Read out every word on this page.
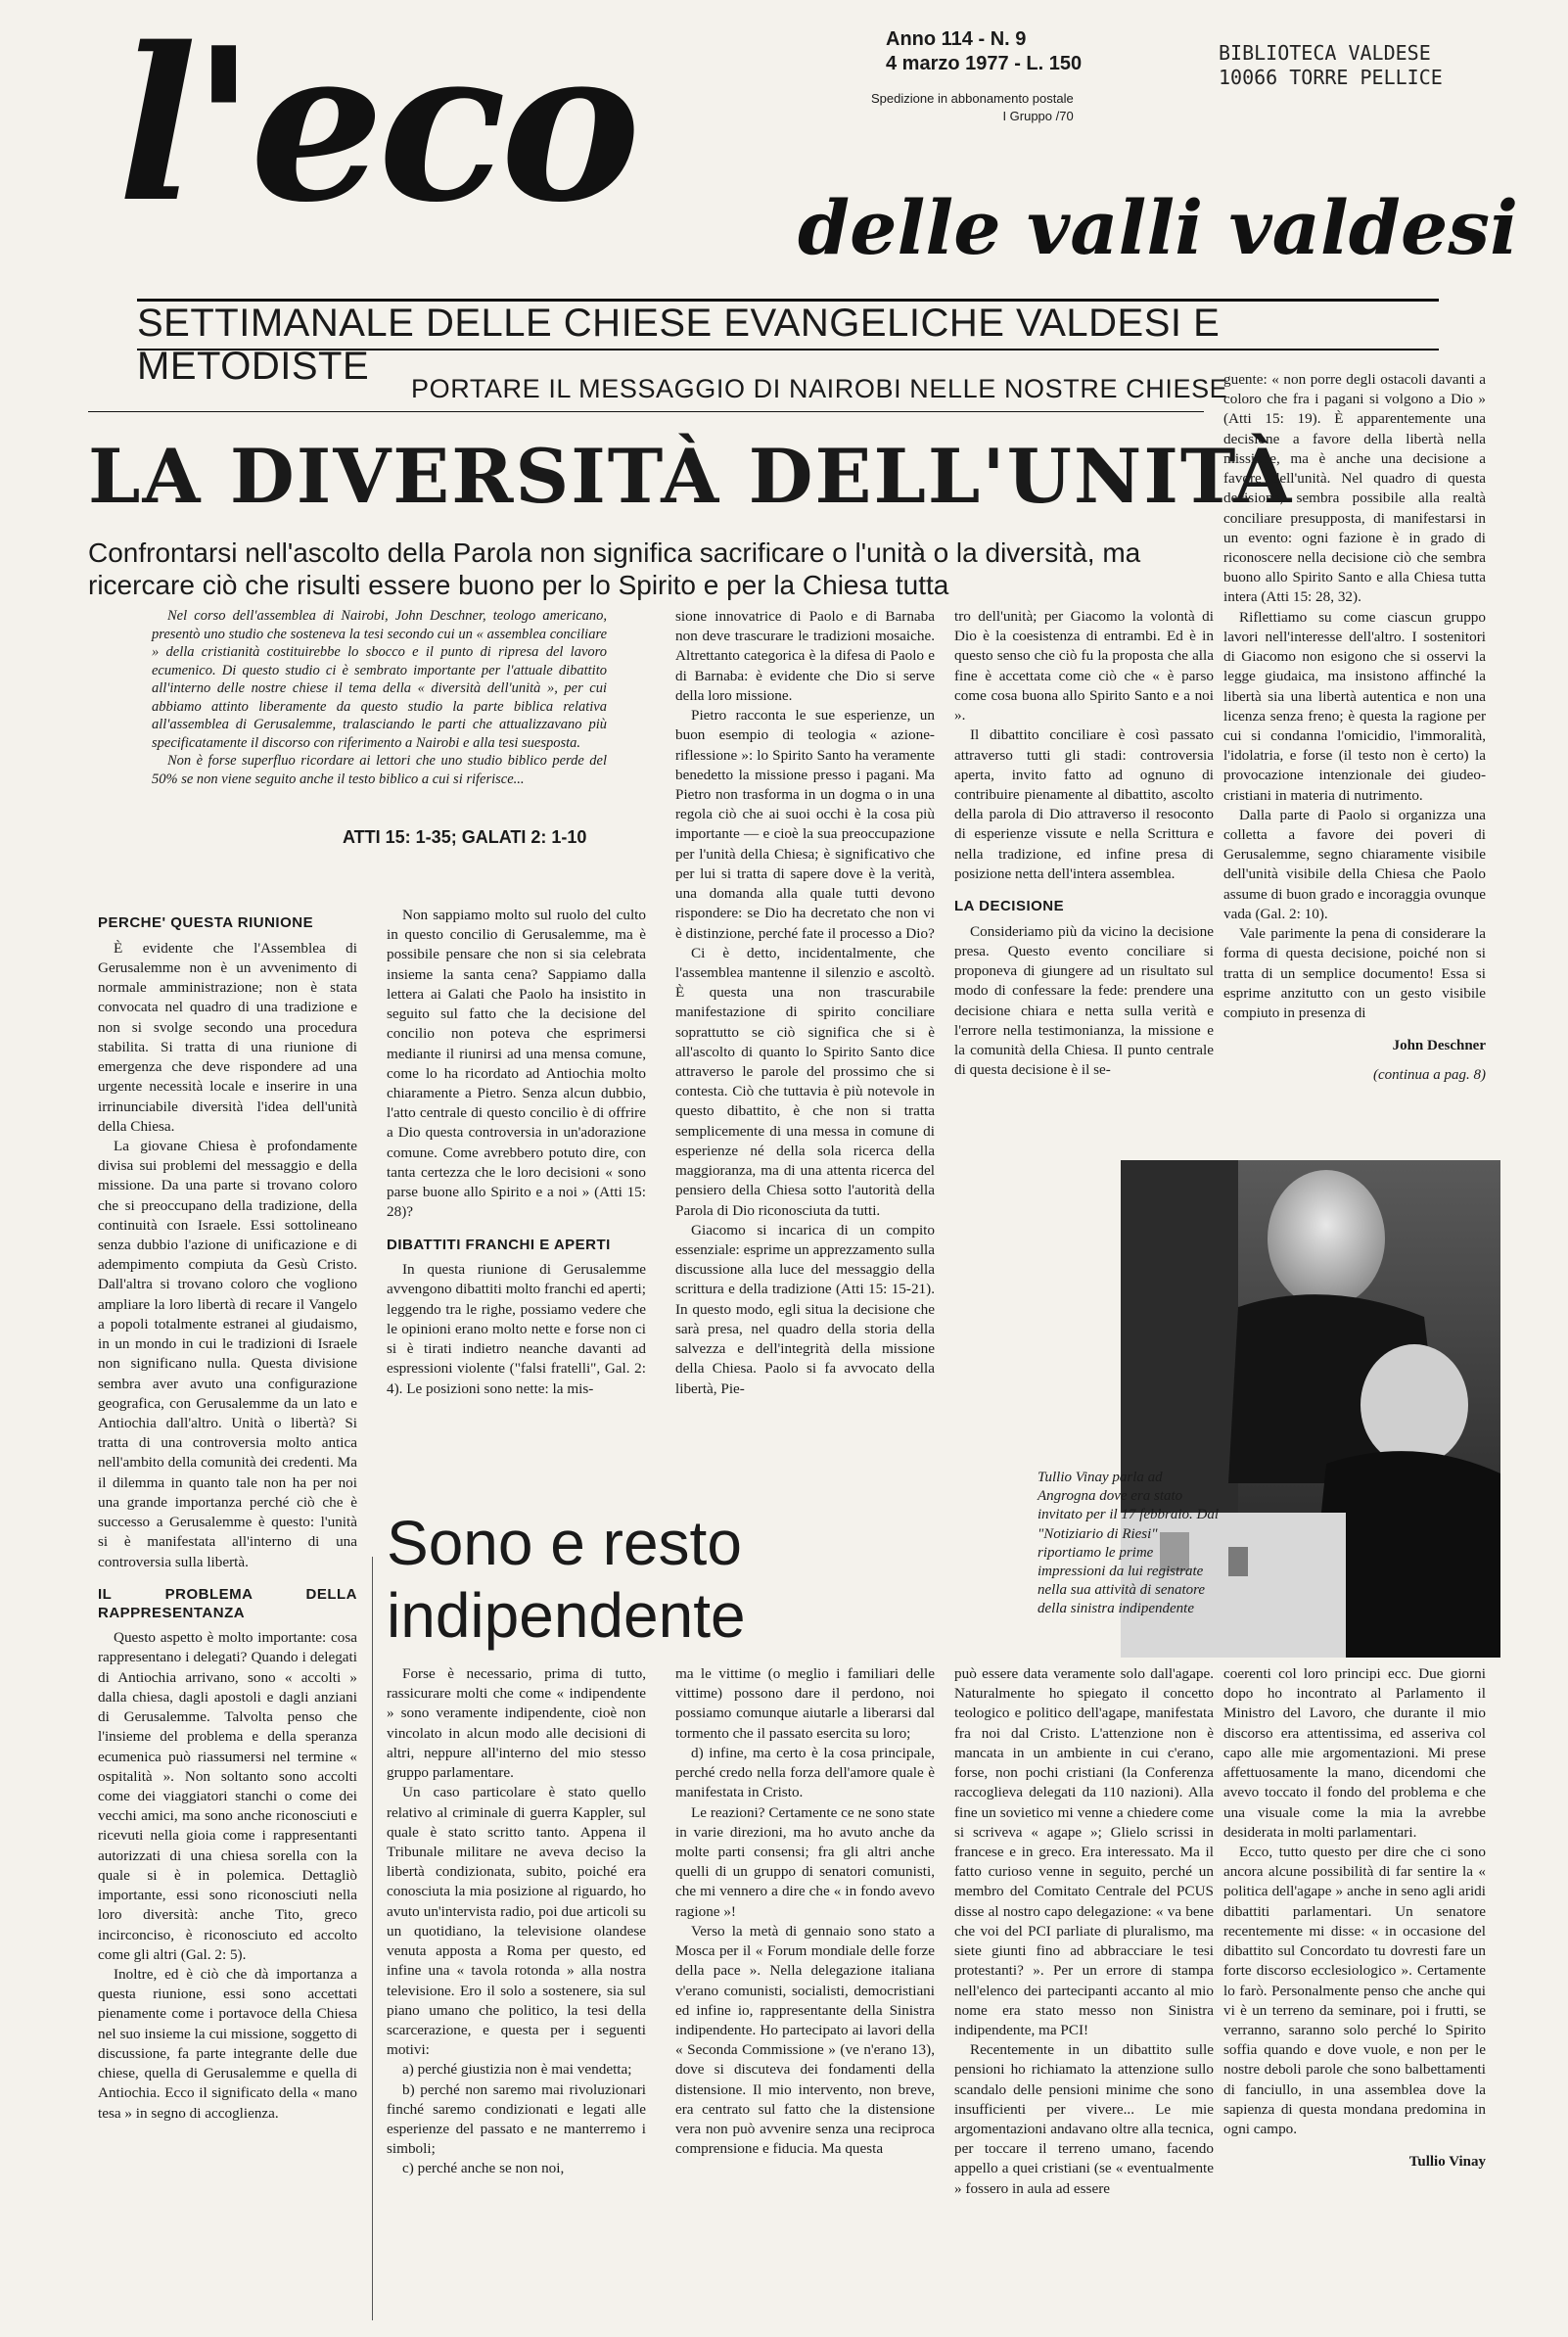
l'eco delle valli valdesi
Anno 114 - N. 9
4 marzo 1977 - L. 150
Spedizione in abbonamento postale
I Gruppo /70
BIBLIOTECA VALDESE
10066 TORRE PELLICE
SETTIMANALE DELLE CHIESE EVANGELICHE VALDESI E METODISTE
PORTARE IL MESSAGGIO DI NAIROBI NELLE NOSTRE CHIESE
LA DIVERSITÀ DELL'UNITÀ
Confrontarsi nell'ascolto della Parola non significa sacrificare o l'unità o la diversità, ma ricercare ciò che risulti essere buono per lo Spirito e per la Chiesa tutta
Nel corso dell'assemblea di Nairobi, John Deschner, teologo americano, presentò uno studio che sosteneva la tesi secondo cui un « assemblea conciliare » della cristianità costituirebbe lo sbocco e il punto di ripresa del lavoro ecumenico. Di questo studio ci è sembrato importante per l'attuale dibattito all'interno delle nostre chiese il tema della « diversità dell'unità », per cui abbiamo attinto liberamente da questo studio la parte biblica relativa all'assemblea di Gerusalemme, tralasciando le parti che attualizzavano più specificatamente il discorso con riferimento a Nairobi e alla tesi suesposta.
Non è forse superfluo ricordare ai lettori che uno studio biblico perde del 50% se non viene seguito anche il testo biblico a cui si riferisce...
ATTI 15: 1-35; GALATI 2: 1-10
PERCHE' QUESTA RIUNIONE

È evidente che l'Assemblea di Gerusalemme non è un avvenimento di normale amministrazione; non è stata convocata nel quadro di una tradizione e non si svolge secondo una procedura stabilita. Si tratta di una riunione di emergenza che deve rispondere ad una urgente necessità locale e inserire in una irrinunciabile diversità l'idea dell'unità della Chiesa.

La giovane Chiesa è profondamente divisa sui problemi del messaggio e della missione. Da una parte si trovano coloro che si preoccupano della tradizione, della continuità con Israele. Essi sottolineano senza dubbio l'azione di unificazione e di adempimento compiuta da Gesù Cristo. Dall'altra si trovano coloro che vogliono ampliare la loro libertà di recare il Vangelo a popoli totalmente estranei al giudaismo, in un mondo in cui le tradizioni di Israele non significano nulla. Questa divisione sembra aver avuto una configurazione geografica, con Gerusalemme da un lato e Antiochia dall'altro. Unità o libertà? Si tratta di una controversia molto antica nell'ambito della comunità dei credenti. Ma il dilemma in quanto tale non ha per noi una grande importanza perché ciò che è successo a Gerusalemme è questo: l'unità si è manifestata all'interno di una controversia sulla libertà.

IL PROBLEMA DELLA RAPPRESENTANZA

Questo aspetto è molto importante: cosa rappresentano i delegati? Quando i delegati di Antiochia arrivano, sono « accolti » dalla chiesa, dagli apostoli e dagli anziani di Gerusalemme. Talvolta penso che l'insieme del problema e della speranza ecumenica può riassumersi nel termine « ospitalità ». Non soltanto sono accolti come dei viaggiatori stanchi o come dei vecchi amici, ma sono anche riconosciuti e ricevuti nella gioia come i rappresentanti autorizzati di una chiesa sorella con la quale si è in polemica. Dettagliò importante, essi sono riconosciuti nella loro diversità: anche Tito, greco incirconciso, è riconosciuto ed accolto come gli altri (Gal. 2: 5).

Inoltre, ed è ciò che dà importanza a questa riunione, essi sono accettati pienamente come i portavoce della Chiesa nel suo insieme la cui missione, soggetto di discussione, fa parte integrante delle due chiese, quella di Gerusalemme e quella di Antiochia. Ecco il significato della « mano tesa » in segno di accoglienza.

Non sappiamo molto sul ruolo del culto in questo concilio di Gerusalemme, ma è possibile pensare che non si sia celebrata insieme la santa cena? Sappiamo dalla lettera ai Galati che Paolo ha insistito in seguito sul fatto che la decisione del concilio non poteva che esprimersi mediante il riunirsi ad una mensa comune, come lo ha ricordato ad Antiochia molto chiaramente a Pietro. Senza alcun dubbio, l'atto centrale di questo concilio è di offrire a Dio questa controversia in un'adorazione comune. Come avrebbero potuto dire, con tanta certezza che le loro decisioni « sono parse buone allo Spirito e a noi » (Atti 15: 28)?

DIBATTITI FRANCHI E APERTI

In questa riunione di Gerusalemme avvengono dibattiti molto franchi ed aperti; leggendo tra le righe, possiamo vedere che le opinioni erano molto nette e forse non ci si è tirati indietro neanche davanti ad espressioni violente ("falsi fratelli", Gal. 2: 4). Le posizioni sono nette: la mis-

sione innovatrice di Paolo e di Barnaba non deve trascurare le tradizioni mosaiche. Altrettanto categorica è la difesa di Paolo e di Barnaba: è evidente che Dio si serve della loro missione.

Pietro racconta le sue esperienze, un buon esempio di teologia « azione-riflessione »: lo Spirito Santo ha veramente benedetto la missione presso i pagani. Ma Pietro non trasforma in un dogma o in una regola ciò che ai suoi occhi è la cosa più importante — e cioè la sua preoccupazione per l'unità della Chiesa; è significativo che per lui si tratta di sapere dove è la verità, una domanda alla quale tutti devono rispondere: se Dio ha decretato che non vi è distinzione, perché fate il processo a Dio?

Ci è detto, incidentalmente, che l'assemblea mantenne il silenzio e ascoltò. È questa una non trascurabile manifestazione di spirito conciliare soprattutto se ciò significa che si è all'ascolto di quanto lo Spirito Santo dice attraverso le parole del prossimo che si contesta. Ciò che tuttavia è più notevole in questo dibattito, è che non si tratta semplicemente di una messa in comune di esperienze né della sola ricerca della maggioranza, ma di una attenta ricerca del pensiero della Chiesa sotto l'autorità della Parola di Dio riconosciuta da tutti.

Giacomo si incarica di un compito essenziale: esprime un apprezzamento sulla discussione alla luce del messaggio della scrittura e della tradizione (Atti 15: 15-21). In questo modo, egli situa la decisione che sarà presa, nel quadro della storia della salvezza e dell'integrità della missione della Chiesa. Paolo si fa avvocato della libertà, Pie-

tro dell'unità; per Giacomo la volontà di Dio è la coesistenza di entrambi. Ed è in questo senso che ciò fu la proposta che alla fine è accettata come ciò che « è parso come cosa buona allo Spirito Santo e a noi ».

Il dibattito conciliare è così passato attraverso tutti gli stadi: controversia aperta, invito fatto ad ognuno di contribuire pienamente al dibattito, ascolto della parola di Dio attraverso il resoconto di esperienze vissute e nella Scrittura e nella tradizione, ed infine presa di posizione netta dell'intera assemblea.

LA DECISIONE

Consideriamo più da vicino la decisione presa. Questo evento conciliare si proponeva di giungere ad un risultato sul modo di confessare la fede: prendere una decisione chiara e netta sulla verità e l'errore nella testimonianza, la missione e la comunità della Chiesa. Il punto centrale di questa decisione è il se-

guente: « non porre degli ostacoli davanti a coloro che fra i pagani si volgono a Dio » (Atti 15: 19). È apparentemente una decisione a favore della libertà nella missione, ma è anche una decisione a favore dell'unità. Nel quadro di questa decisione, sembra possibile alla realtà conciliare presupposta, di manifestarsi in un evento: ogni fazione è in grado di riconoscere nella decisione ciò che sembra buono allo Spirito Santo e alla Chiesa tutta intera (Atti 15: 28, 32).

Riflettiamo su come ciascun gruppo lavori nell'interesse dell'altro. I sostenitori di Giacomo non esigono che si osservi la legge giudaica, ma insistono affinché la libertà sia una libertà autentica e non una licenza senza freno; è questa la ragione per cui si condanna l'omicidio, l'immoralità, l'idolatria, e forse (il testo non è certo) la provocazione intenzionale dei giudeo-cristiani in materia di nutrimento.

Dalla parte di Paolo si organizza una colletta a favore dei poveri di Gerusalemme, segno chiaramente visibile dell'unità visibile della Chiesa che Paolo assume di buon grado e incoraggia ovunque vada (Gal. 2: 10).

Vale parimente la pena di considerare la forma di questa decisione, poiché non si tratta di un semplice documento! Essa si esprime anzitutto con un gesto visibile compiuto in presenza di

John Deschner
(continua a pag. 8)
Tullio Vinay parla ad Angrogna dove era stato invitato per il 17 febbraio. Dal "Notiziario di Riesi" riportiamo le prime impressioni da lui registrate nella sua attività di senatore della sinistra indipendente
Sono e resto
indipendente

Forse è necessario, prima di tutto, rassicurare molti che come « indipendente » sono veramente indipendente, cioè non vincolato in alcun modo alle decisioni di altri, neppure all'interno del mio stesso gruppo parlamentare.

Un caso particolare è stato quello relativo al criminale di guerra Kappler, sul quale è stato scritto tanto. Appena il Tribunale militare ne aveva deciso la libertà condizionata, subito, poiché era conosciuta la mia posizione al riguardo, ho avuto un'intervista radio, poi due articoli su un quotidiano, la televisione olandese venuta apposta a Roma per questo, ed infine una « tavola rotonda » alla nostra televisione. Ero il solo a sostenere, sia sul piano umano che politico, la tesi della scarcerazione, e questa per i seguenti motivi:

a) perché giustizia non è mai vendetta;

b) perché non saremo mai rivoluzionari finché saremo condizionati e legati alle esperienze del passato e ne manterremo i simboli;

c) perché anche se non noi,

ma le vittime (o meglio i familiari delle vittime) possono dare il perdono, noi possiamo comunque aiutarle a liberarsi dal tormento che il passato esercita su loro;

d) infine, ma certo è la cosa principale, perché credo nella forza dell'amore quale è manifestata in Cristo.

Le reazioni? Certamente ce ne sono state in varie direzioni, ma ho avuto anche da molte parti consensi; fra gli altri anche quelli di un gruppo di senatori comunisti, che mi vennero a dire che « in fondo avevo ragione »!

Verso la metà di gennaio sono stato a Mosca per il « Forum mondiale delle forze della pace ». Nella delegazione italiana v'erano comunisti, socialisti, democristiani ed infine io, rappresentante della Sinistra indipendente. Ho partecipato ai lavori della « Seconda Commissione » (ve n'erano 13), dove si discuteva dei fondamenti della distensione. Il mio intervento, non breve, era centrato sul fatto che la distensione vera non può avvenire senza una reciproca comprensione e fiducia. Ma questa

può essere data veramente solo dall'agape. Naturalmente ho spiegato il concetto teologico e politico dell'agape, manifestata fra noi dal Cristo. L'attenzione non è mancata in un ambiente in cui c'erano, forse, non pochi cristiani (la Conferenza raccoglieva delegati da 110 nazioni). Alla fine un sovietico mi venne a chiedere come si scriveva « agape »; Glielo scrissi in francese e in greco. Era interessato. Ma il fatto curioso venne in seguito, perché un membro del Comitato Centrale del PCUS disse al nostro capo delegazione: « va bene che voi del PCI parliate di pluralismo, ma siete giunti fino ad abbracciare le tesi protestanti? ». Per un errore di stampa nell'elenco dei partecipanti accanto al mio nome era stato messo non Sinistra indipendente, ma PCI!

Recentemente in un dibattito sulle pensioni ho richiamato la attenzione sullo scandalo delle pensioni minime che sono insufficienti per vivere... Le mie argomentazioni andavano oltre alla tecnica, per toccare il terreno umano, facendo appello a quei cristiani (se « eventualmente » fossero in aula ad essere

coerenti col loro principi ecc. Due giorni dopo ho incontrato al Parlamento il Ministro del Lavoro, che durante il mio discorso era attentissima, ed asseriva col capo alle mie argomentazioni. Mi prese affettuosamente la mano, dicendomi che avevo toccato il fondo del problema e che una visuale come la mia la avrebbe desiderata in molti parlamentari.

Ecco, tutto questo per dire che ci sono ancora alcune possibilità di far sentire la « politica dell'agape » anche in seno agli aridi dibattiti parlamentari. Un senatore recentemente mi disse: « in occasione del dibattito sul Concordato tu dovresti fare un forte discorso ecclesiologico ». Certamente lo farò. Personalmente penso che anche qui vi è un terreno da seminare, poi i frutti, se verranno, saranno solo perché lo Spirito soffia quando e dove vuole, e non per le nostre deboli parole che sono balbettamenti di fanciullo, in una assemblea dove la sapienza di questa mondana predomina in ogni campo.

Tullio Vinay
